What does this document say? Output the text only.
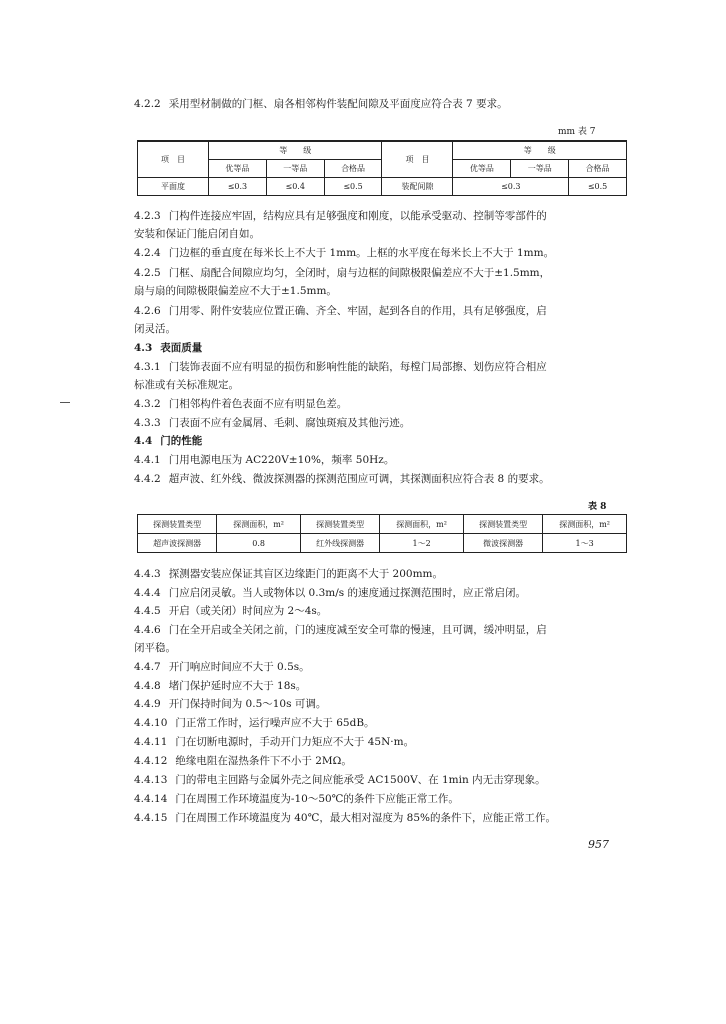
4.2.2 采用型材制做的门框、扇各相邻构件装配间隙及平面度应符合表 7 要求。
mm 表 7
项　目	等　　级			项　目	等　　级		
	优等品	一等品	合格品		优等品	一等品	合格品
平面度	≤0.3	≤0.4	≤0.5	装配间隙	≤0.3		≤0.5
4.2.3 门构件连接应牢固，结构应具有足够强度和刚度，以能承受驱动、控制等零部件的
安装和保证门能启闭自如。
4.2.4 门边框的垂直度在每米长上不大于 1mm。上框的水平度在每米长上不大于 1mm。
4.2.5 门框、扇配合间隙应均匀，全闭时，扇与边框的间隙极限偏差应不大于±1.5mm，
扇与扇的间隙极限偏差应不大于±1.5mm。
4.2.6 门用零、附件安装应位置正确、齐全、牢固，起到各自的作用，具有足够强度，启
闭灵活。
4.3 表面质量
4.3.1 门装饰表面不应有明显的损伤和影响性能的缺陷，每樘门局部擦、划伤应符合相应
标准或有关标准规定。
4.3.2 门相邻构件着色表面不应有明显色差。
4.3.3 门表面不应有金属屑、毛刺、腐蚀斑痕及其他污迹。
4.4 门的性能
4.4.1 门用电源电压为 AC220V±10%，频率 50Hz。
4.4.2 超声波、红外线、微波探测器的探测范围应可调，其探测面积应符合表 8 的要求。
表 8
探测装置类型	探测面积，m²	探测装置类型	探测面积，m²	探测装置类型	探测面积，m²
超声波探测器	0.8	红外线探测器	1～2	微波探测器	1～3
4.4.3 探测器安装应保证其盲区边缘距门的距离不大于 200mm。
4.4.4 门应启闭灵敏。当人或物体以 0.3m/s 的速度通过探测范围时，应正常启闭。
4.4.5 开启（或关闭）时间应为 2～4s。
4.4.6 门在全开启或全关闭之前，门的速度减至安全可靠的慢速，且可调，缓冲明显，启
闭平稳。
4.4.7 开门响应时间应不大于 0.5s。
4.4.8 堵门保护延时应不大于 18s。
4.4.9 开门保持时间为 0.5～10s 可调。
4.4.10 门正常工作时，运行噪声应不大于 65dB。
4.4.11 门在切断电源时，手动开门力矩应不大于 45N·m。
4.4.12 绝缘电阻在湿热条件下不小于 2MΩ。
4.4.13 门的带电主回路与金属外壳之间应能承受 AC1500V、在 1min 内无击穿现象。
4.4.14 门在周围工作环境温度为-10～50℃的条件下应能正常工作。
4.4.15 门在周围工作环境温度为 40℃，最大相对湿度为 85%的条件下，应能正常工作。
957
